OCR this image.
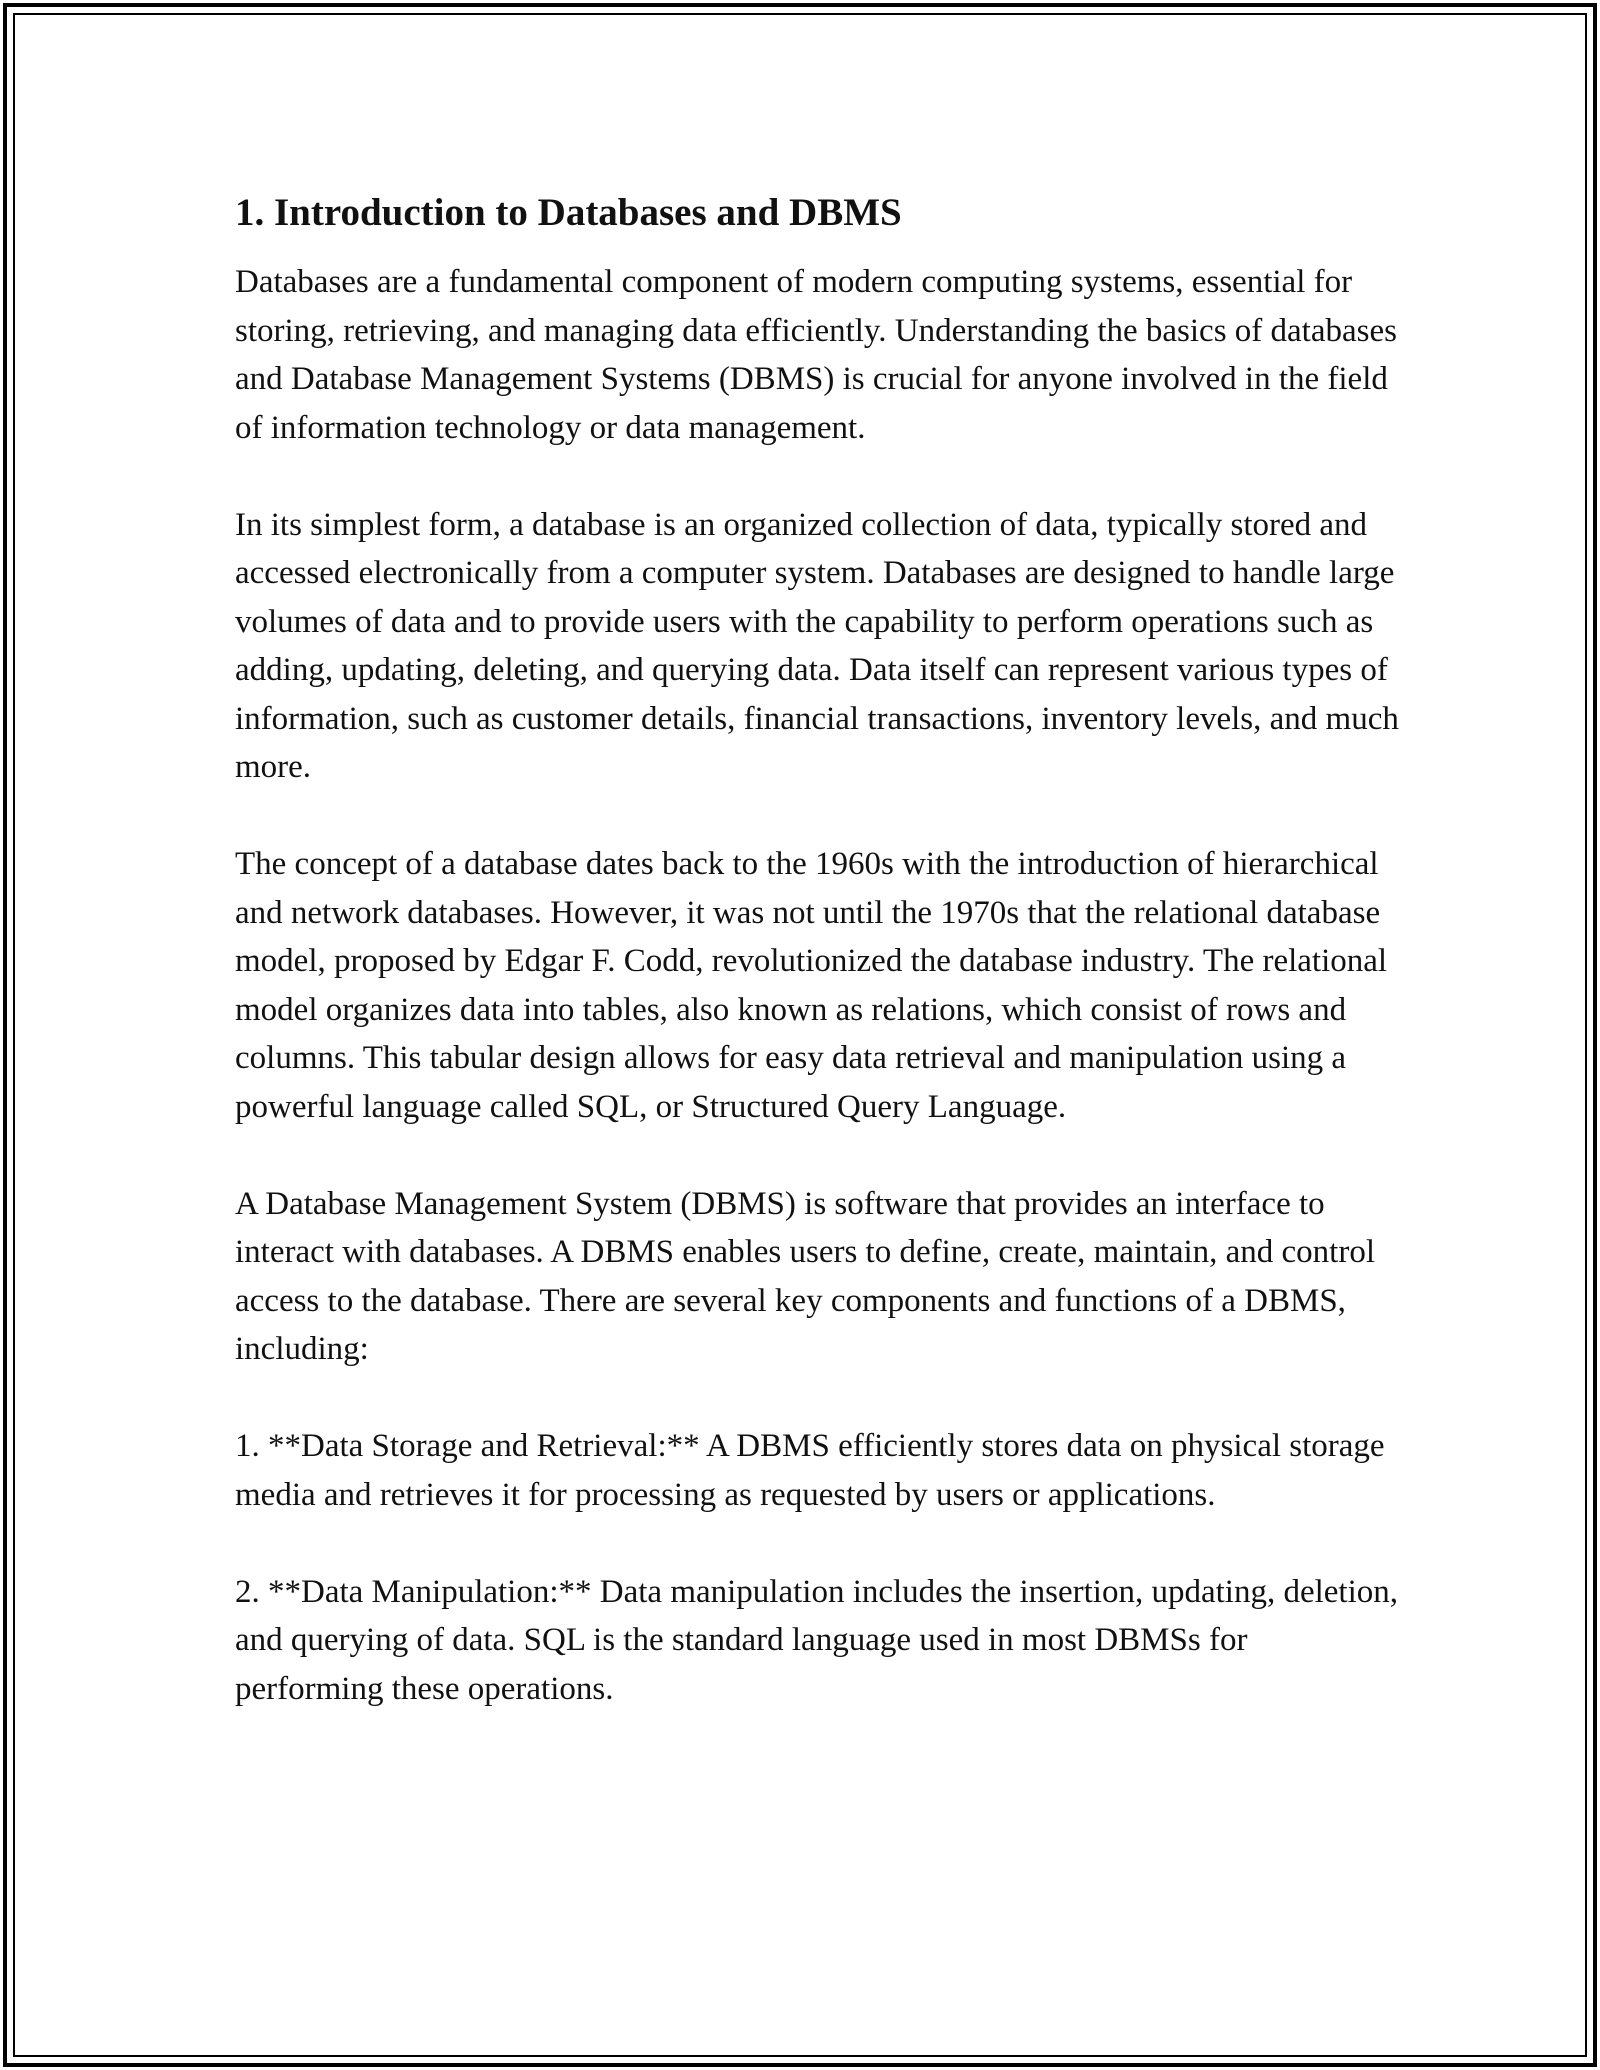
1. Introduction to Databases and DBMS

Databases are a fundamental component of modern computing systems, essential for storing, retrieving, and managing data efficiently. Understanding the basics of databases and Database Management Systems (DBMS) is crucial for anyone involved in the field of information technology or data management.

In its simplest form, a database is an organized collection of data, typically stored and accessed electronically from a computer system. Databases are designed to handle large volumes of data and to provide users with the capability to perform operations such as adding, updating, deleting, and querying data. Data itself can represent various types of information, such as customer details, financial transactions, inventory levels, and much more.

The concept of a database dates back to the 1960s with the introduction of hierarchical and network databases. However, it was not until the 1970s that the relational database model, proposed by Edgar F. Codd, revolutionized the database industry. The relational model organizes data into tables, also known as relations, which consist of rows and columns. This tabular design allows for easy data retrieval and manipulation using a powerful language called SQL, or Structured Query Language.

A Database Management System (DBMS) is software that provides an interface to interact with databases. A DBMS enables users to define, create, maintain, and control access to the database. There are several key components and functions of a DBMS, including:

1. **Data Storage and Retrieval:** A DBMS efficiently stores data on physical storage media and retrieves it for processing as requested by users or applications.

2. **Data Manipulation:** Data manipulation includes the insertion, updating, deletion, and querying of data. SQL is the standard language used in most DBMSs for performing these operations.
